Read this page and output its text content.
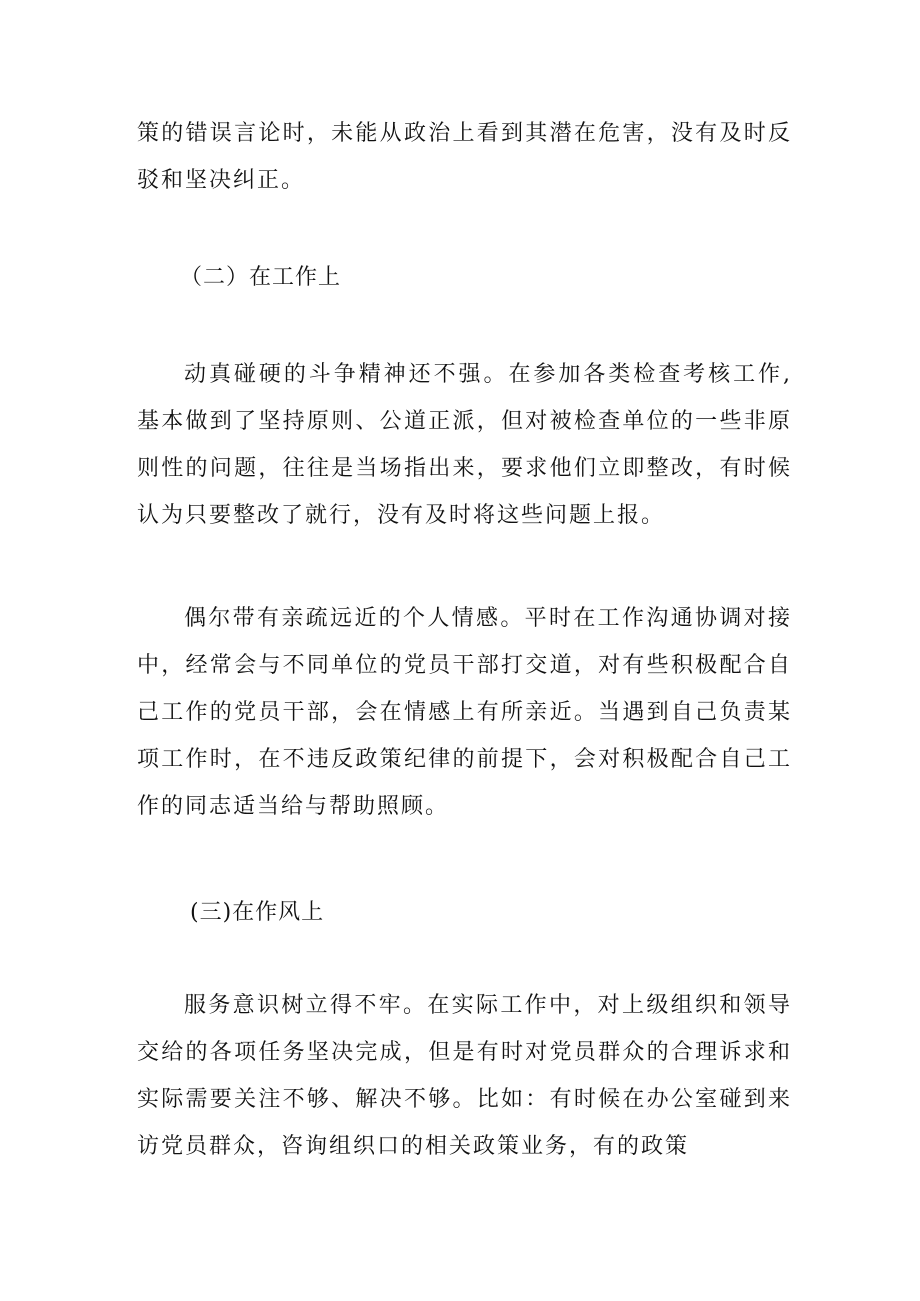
策的错误言论时，未能从政治上看到其潜在危害，没有及时反驳和坚决纠正。

（二）在工作上

动真碰硬的斗争精神还不强。在参加各类检查考核工作,基本做到了坚持原则、公道正派，但对被检查单位的一些非原则性的问题，往往是当场指出来，要求他们立即整改，有时候认为只要整改了就行，没有及时将这些问题上报。

偶尔带有亲疏远近的个人情感。平时在工作沟通协调对接中，经常会与不同单位的党员干部打交道，对有些积极配合自己工作的党员干部，会在情感上有所亲近。当遇到自己负责某项工作时，在不违反政策纪律的前提下，会对积极配合自己工作的同志适当给与帮助照顾。

(三)在作风上

服务意识树立得不牢。在实际工作中，对上级组织和领导交给的各项任务坚决完成，但是有时对党员群众的合理诉求和实际需要关注不够、解决不够。比如：有时候在办公室碰到来访党员群众，咨询组织口的相关政策业务，有的政策
